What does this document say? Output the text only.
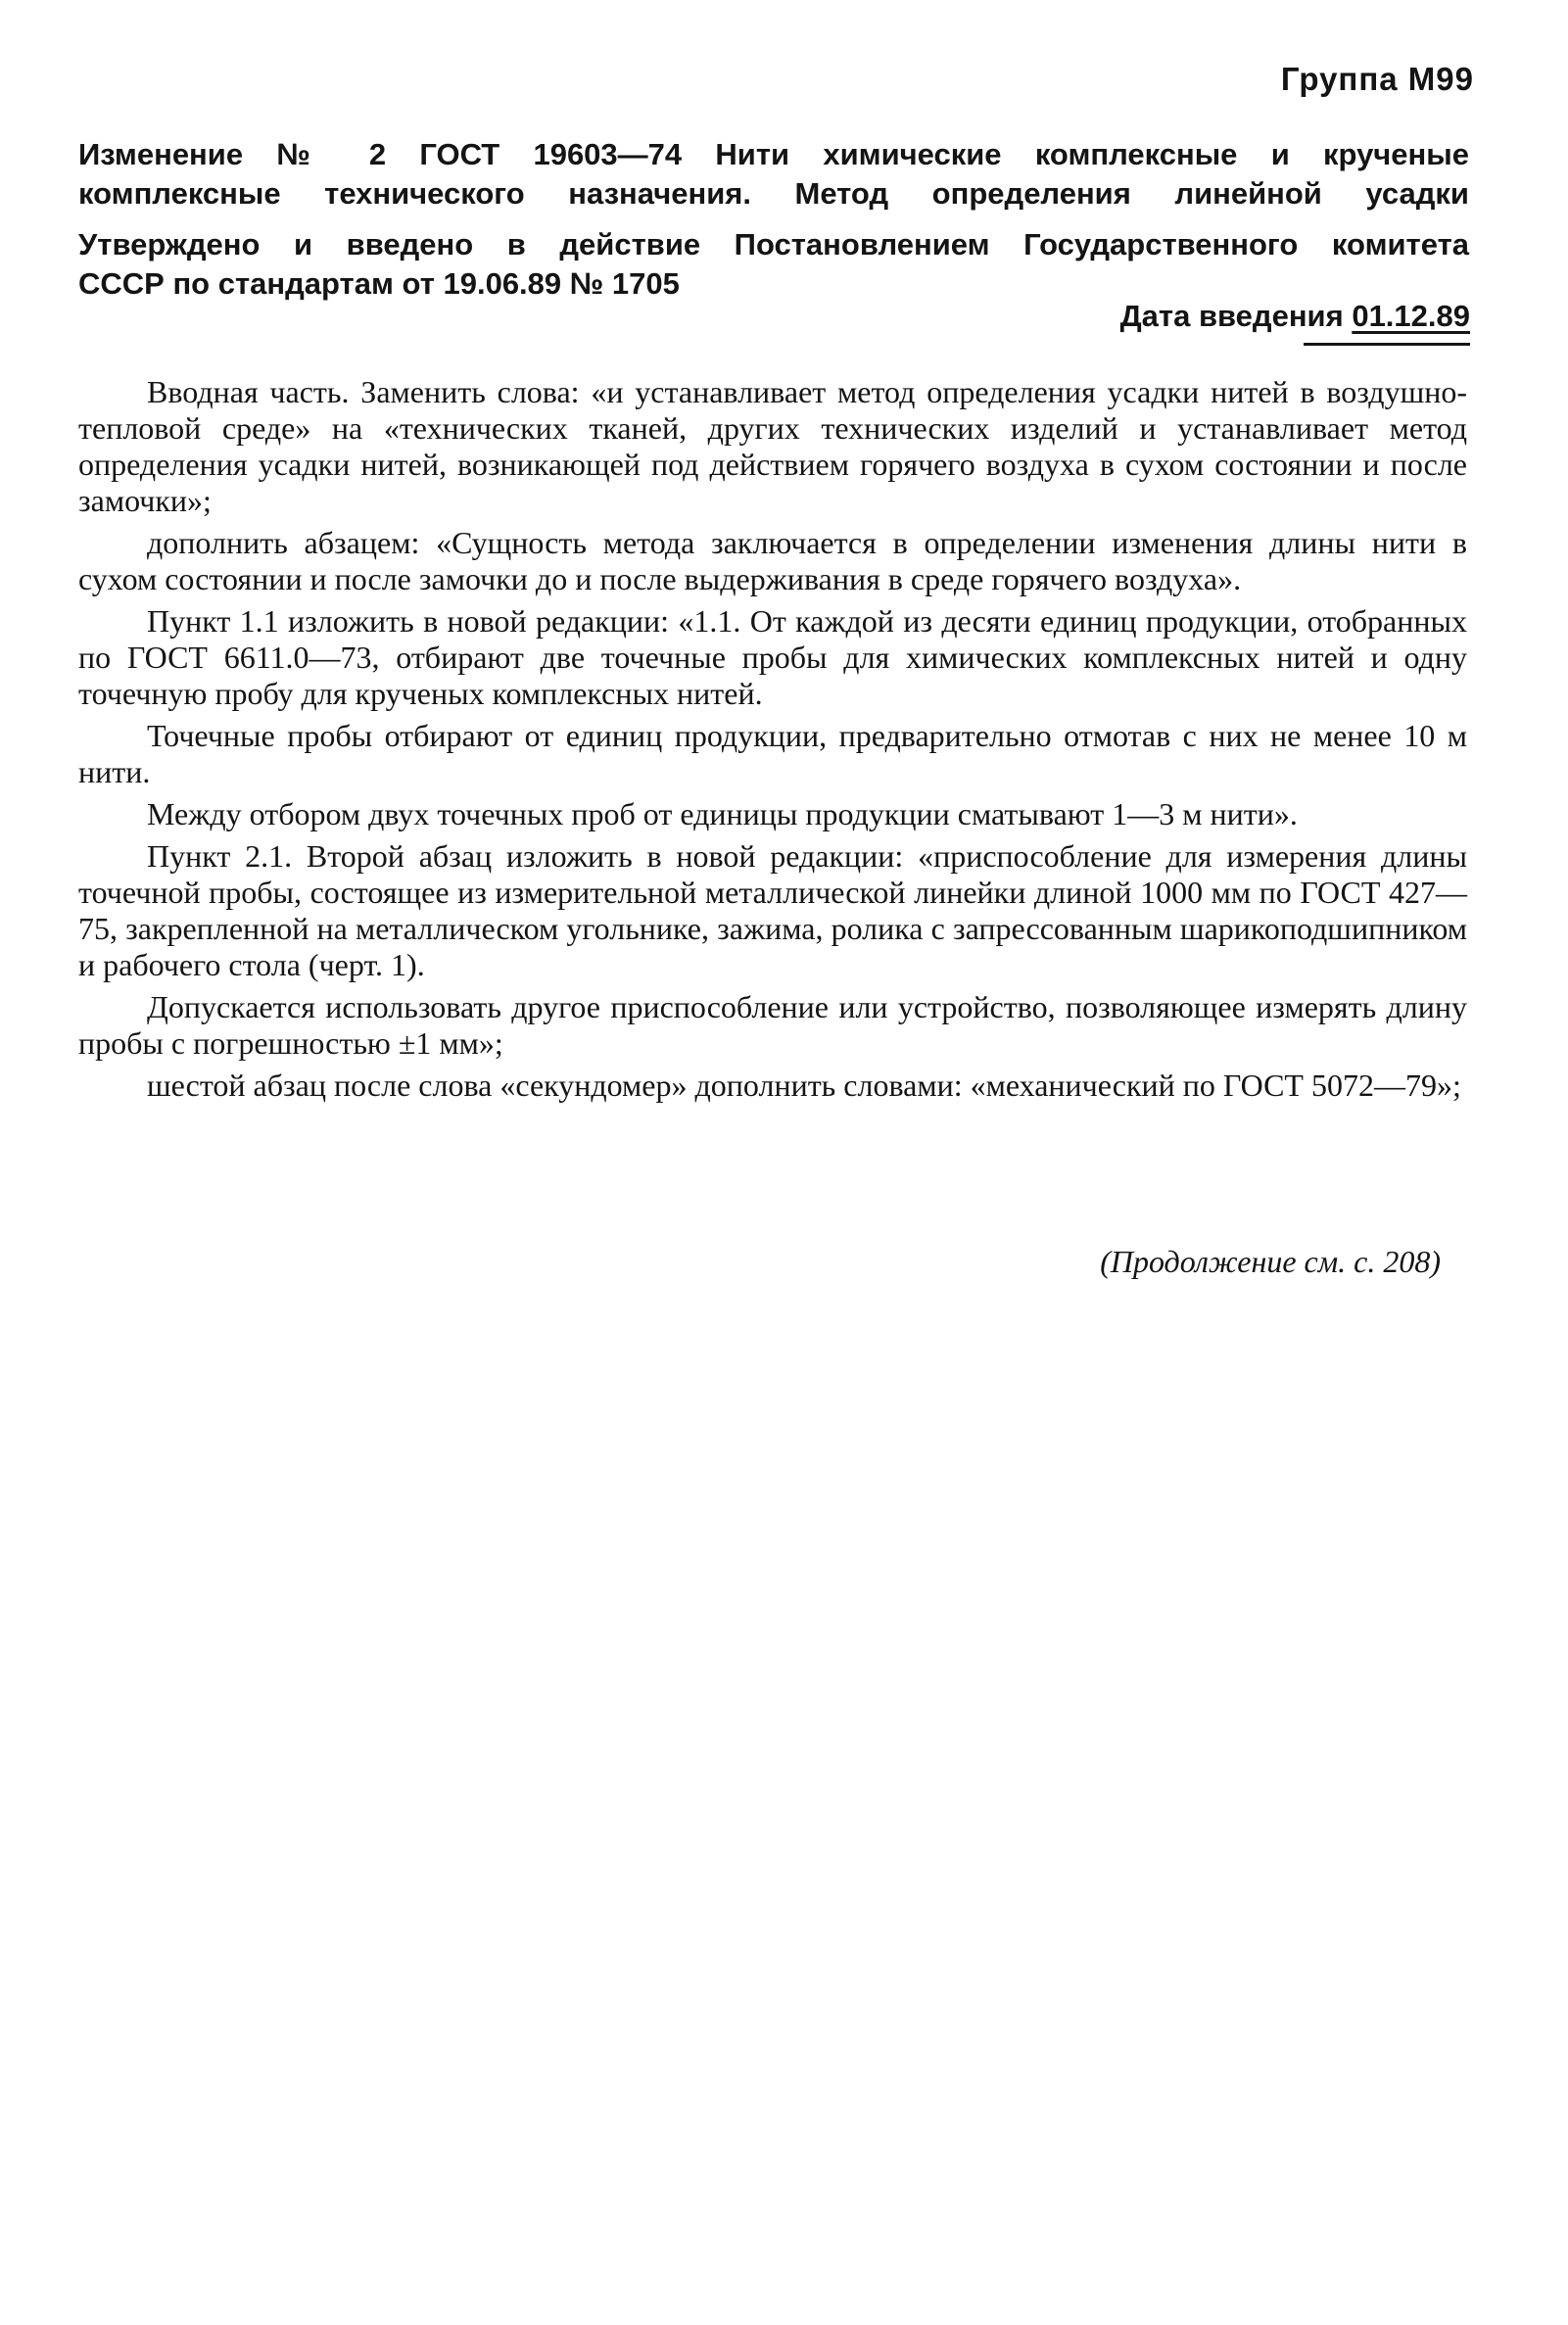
Группа М99
Изменение № 2 ГОСТ 19603—74 Нити химические комплексные и крученые
комплексные технического назначения. Метод определения линейной усадки
Утверждено и введено в действие Постановлением Государственного комитета
СССР по стандартам от 19.06.89 № 1705
Дата введения 01.12.89

Вводная часть. Заменить слова: «и устанавливает метод определения усадки нитей в воздушно-тепловой среде» на «технических тканей, других технических изделий и устанавливает метод определения усадки нитей, возникающей под действием горячего воздуха в сухом состоянии и после замочки»;

дополнить абзацем: «Сущность метода заключается в определении изменения длины нити в сухом состоянии и после замочки до и после выдерживания в среде горячего воздуха».

Пункт 1.1 изложить в новой редакции: «1.1. От каждой из десяти единиц продукции, отобранных по ГОСТ 6611.0—73, отбирают две точечные пробы для химических комплексных нитей и одну точечную пробу для крученых комплексных нитей.

Точечные пробы отбирают от единиц продукции, предварительно отмотав с них не менее 10 м нити.

Между отбором двух точечных проб от единицы продукции сматывают 1—3 м нити».

Пункт 2.1. Второй абзац изложить в новой редакции: «приспособление для измерения длины точечной пробы, состоящее из измерительной металлической линейки длиной 1000 мм по ГОСТ 427—75, закрепленной на металлическом угольнике, зажима, ролика с запрессованным шарикоподшипником и рабочего стола (черт. 1).

Допускается использовать другое приспособление или устройство, позволяющее измерять длину пробы с погрешностью ±1 мм»;

шестой абзац после слова «секундомер» дополнить словами: «механический по ГОСТ 5072—79»;

(Продолжение см. с. 208)
